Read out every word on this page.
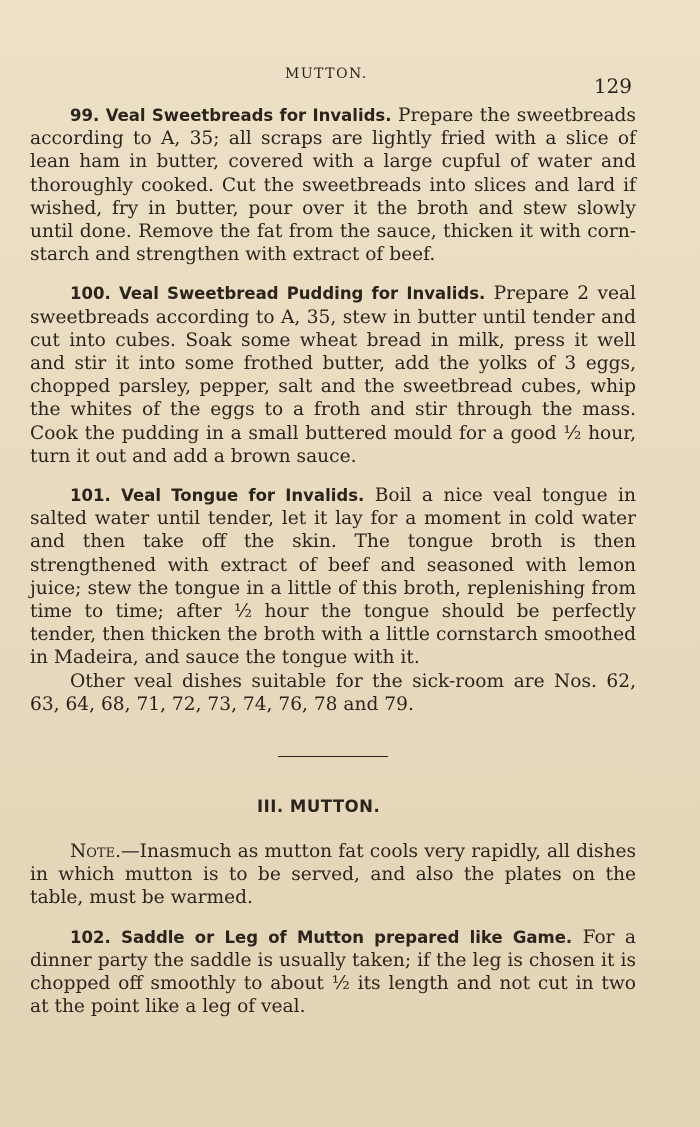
MUTTON.	129

99. Veal Sweetbreads for Invalids. Prepare the sweetbreads according to A, 35; all scraps are lightly fried with a slice of lean ham in butter, covered with a large cupful of water and thoroughly cooked. Cut the sweetbreads into slices and lard if wished, fry in butter, pour over it the broth and stew slowly until done. Remove the fat from the sauce, thicken it with corn-starch and strengthen with extract of beef.

100. Veal Sweetbread Pudding for Invalids. Prepare 2 veal sweetbreads according to A, 35, stew in butter until tender and cut into cubes. Soak some wheat bread in milk, press it well and stir it into some frothed butter, add the yolks of 3 eggs, chopped parsley, pepper, salt and the sweetbread cubes, whip the whites of the eggs to a froth and stir through the mass. Cook the pudding in a small buttered mould for a good ½ hour, turn it out and add a brown sauce.

101. Veal Tongue for Invalids. Boil a nice veal tongue in salted water until tender, let it lay for a moment in cold water and then take off the skin. The tongue broth is then strengthened with extract of beef and seasoned with lemon juice; stew the tongue in a little of this broth, replenishing from time to time; after ½ hour the tongue should be perfectly tender, then thicken the broth with a little cornstarch smoothed in Madeira, and sauce the tongue with it.

Other veal dishes suitable for the sick-room are Nos. 62, 63, 64, 68, 71, 72, 73, 74, 76, 78 and 79.

III. MUTTON.

Note.—Inasmuch as mutton fat cools very rapidly, all dishes in which mutton is to be served, and also the plates on the table, must be warmed.

102. Saddle or Leg of Mutton prepared like Game. For a dinner party the saddle is usually taken; if the leg is chosen it is chopped off smoothly to about ½ its length and not cut in two at the point like a leg of veal.
